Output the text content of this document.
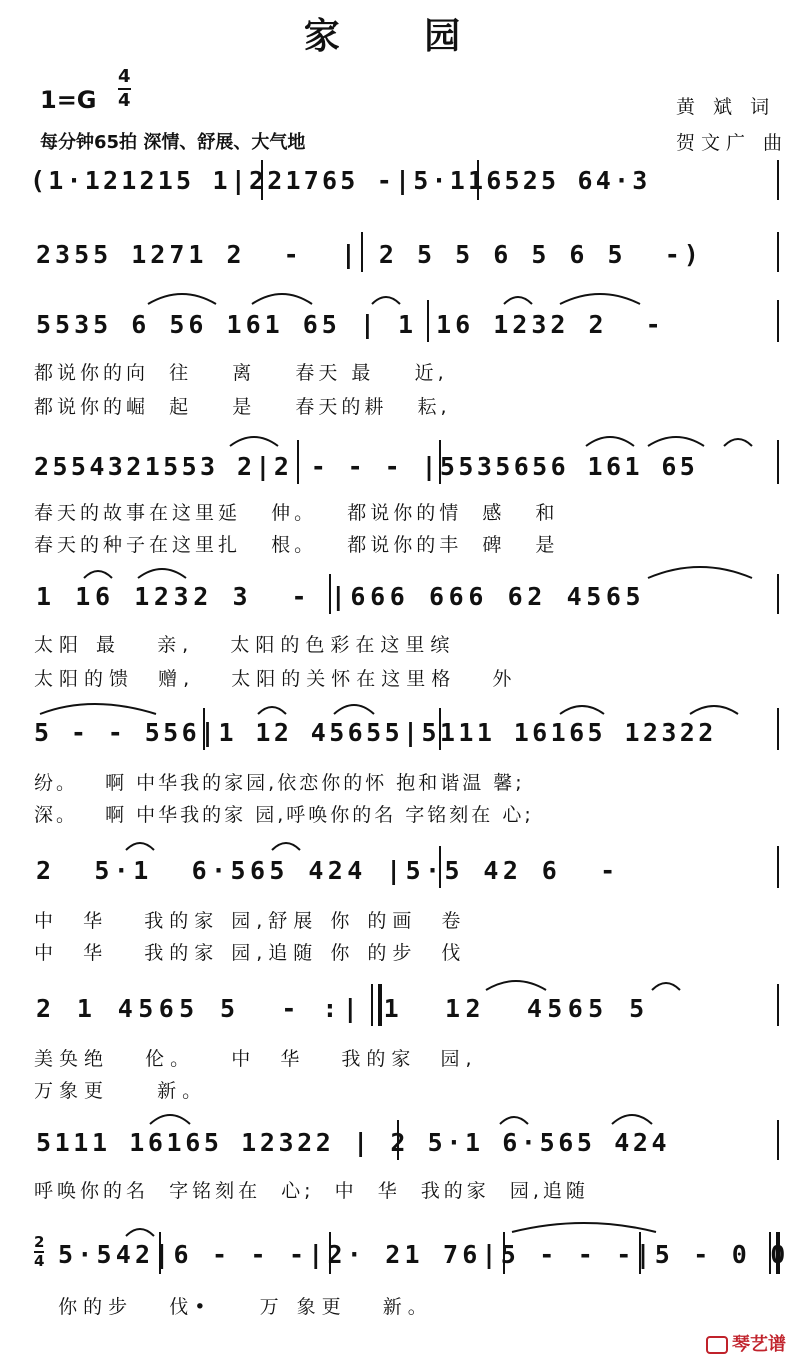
家 园
1=G
4
4
每分钟65拍 深情、舒展、大气地
黄 斌 词
贺文广 曲
(1·121215 1|221765 -|5·116525 64·3
2355 1271 2  -  | 2 5 5 6 5 6 5  -)
5535 6 56 161 65 | 1 16 1232 2  -
都说你的向  往    离    春天 最    近,
都说你的崛  起    是    春天的耕   耘,
2554321553 2|2 - - - |5535656 161 65
春天的故事在这里延   伸。   都说你的情  感   和
春天的种子在这里扎   根。   都说你的丰  碑   是
1 16 1232 3  - |666 666 62 4565
太阳 最   亲,   太阳的色彩在这里缤
太阳的馈  赠,   太阳的关怀在这里格   外
5 - - 556|1 12 45655|5111 16165 12322
纷。   啊 中华我的家园,依恋你的怀 抱和谐温 馨;
深。   啊 中华我的家 园,呼唤你的名 字铭刻在 心;
2  5·1  6·565 424 |5·5 42 6  -
中  华   我的家 园,舒展 你 的画  卷
中  华   我的家 园,追随 你 的步  伐
2 1 4565 5  - :| 1  12  4565 5
美奂绝   伦。   中  华   我的家  园,
万象更    新。
5111 16165 12322 | 2 5·1 6·565 424
呼唤你的名  字铭刻在  心;  中  华  我的家  园,追随
2
4 5·542|6 - - -|2· 21 76|5 - - -|5 - 0 0
你的步   伐•    万 象更   新。
琴艺谱
